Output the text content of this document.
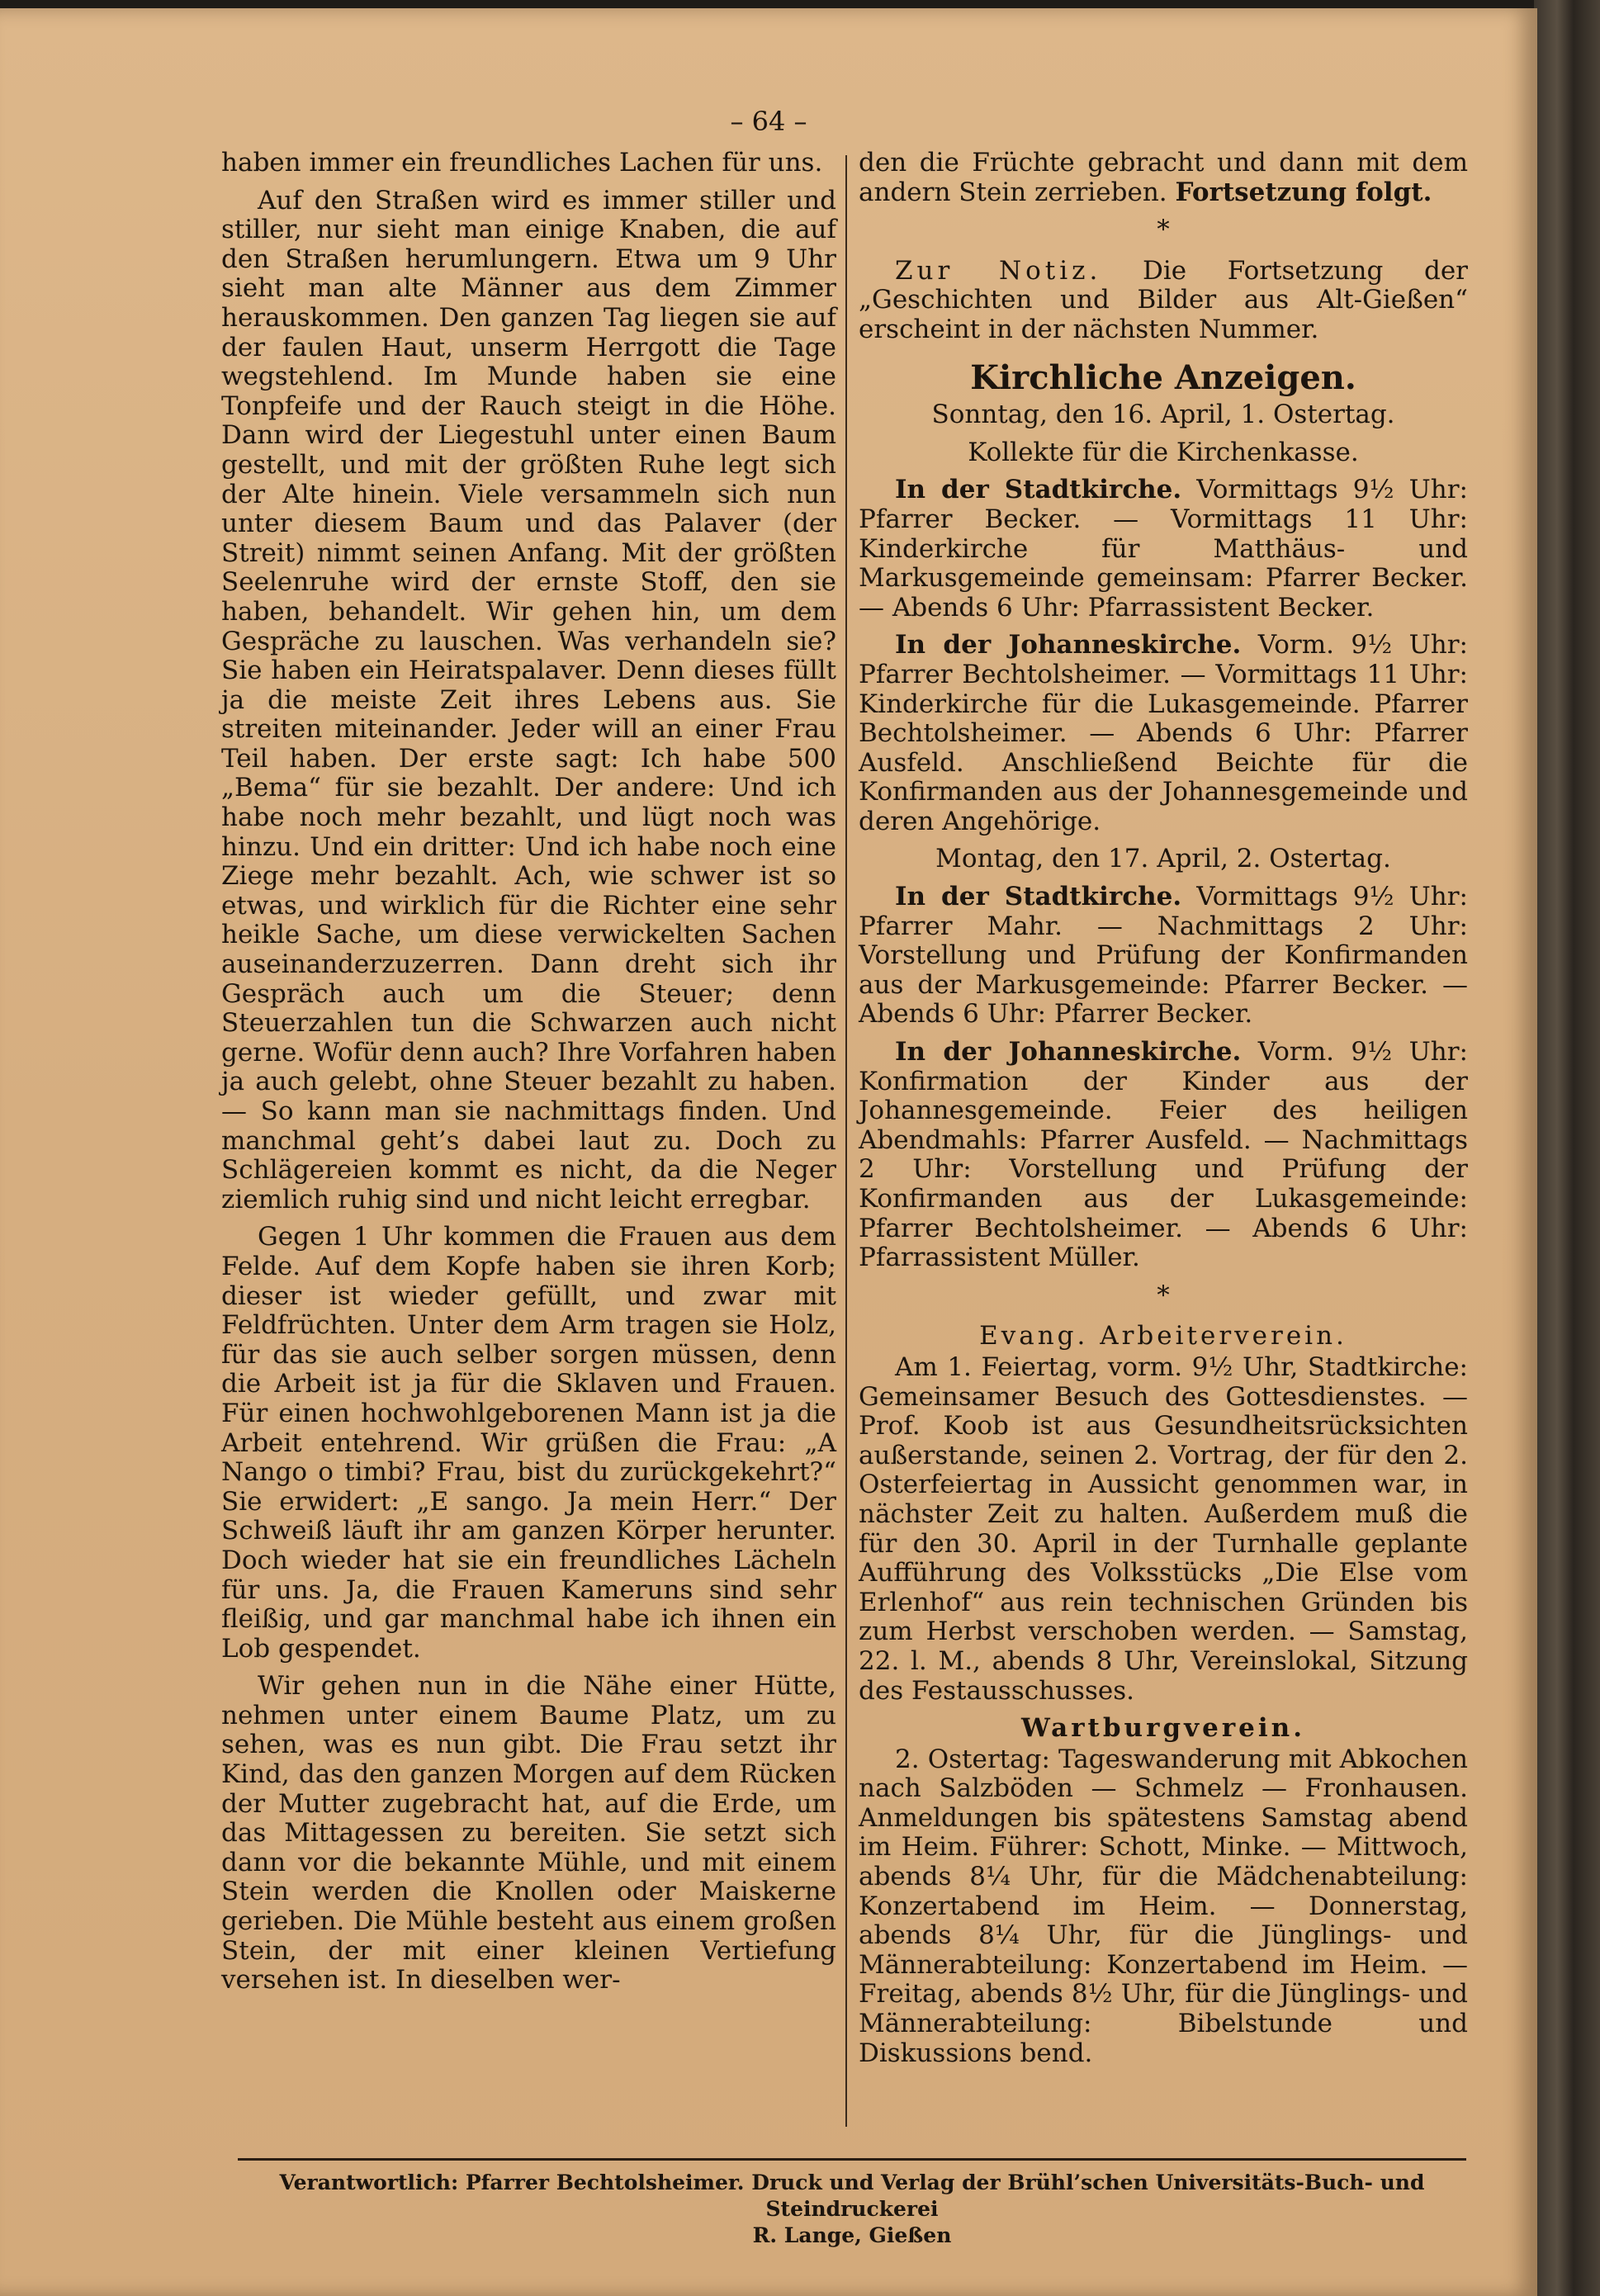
– 64 –

haben immer ein freundliches Lachen für uns.

Auf den Straßen wird es immer stiller und stiller, nur sieht man einige Knaben, die auf den Straßen herumlungern. Etwa um 9 Uhr sieht man alte Männer aus dem Zimmer herauskommen. Den ganzen Tag liegen sie auf der faulen Haut, unserm Herrgott die Tage wegstehlend. Im Munde haben sie eine Tonpfeife und der Rauch steigt in die Höhe. Dann wird der Liegestuhl unter einen Baum gestellt, und mit der größten Ruhe legt sich der Alte hinein. Viele versammeln sich nun unter diesem Baum und das Palaver (der Streit) nimmt seinen Anfang. Mit der größten Seelenruhe wird der ernste Stoff, den sie haben, behandelt. Wir gehen hin, um dem Gespräche zu lauschen. Was verhandeln sie? Sie haben ein Heiratspalaver. Denn dieses füllt ja die meiste Zeit ihres Lebens aus. Sie streiten miteinander. Jeder will an einer Frau Teil haben. Der erste sagt: Ich habe 500 „Bema“ für sie bezahlt. Der andere: Und ich habe noch mehr bezahlt, und lügt noch was hinzu. Und ein dritter: Und ich habe noch eine Ziege mehr bezahlt. Ach, wie schwer ist so etwas, und wirklich für die Richter eine sehr heikle Sache, um diese verwickelten Sachen auseinanderzuzerren. Dann dreht sich ihr Gespräch auch um die Steuer; denn Steuerzahlen tun die Schwarzen auch nicht gerne. Wofür denn auch? Ihre Vorfahren haben ja auch gelebt, ohne Steuer bezahlt zu haben. — So kann man sie nachmittags finden. Und manchmal geht’s dabei laut zu. Doch zu Schlägereien kommt es nicht, da die Neger ziemlich ruhig sind und nicht leicht erregbar.

Gegen 1 Uhr kommen die Frauen aus dem Felde. Auf dem Kopfe haben sie ihren Korb; dieser ist wieder gefüllt, und zwar mit Feldfrüchten. Unter dem Arm tragen sie Holz, für das sie auch selber sorgen müssen, denn die Arbeit ist ja für die Sklaven und Frauen. Für einen hochwohlgeborenen Mann ist ja die Arbeit entehrend. Wir grüßen die Frau: „A Nango o timbi? Frau, bist du zurückgekehrt?“ Sie erwidert: „E sango. Ja mein Herr.“ Der Schweiß läuft ihr am ganzen Körper herunter. Doch wieder hat sie ein freundliches Lächeln für uns. Ja, die Frauen Kameruns sind sehr fleißig, und gar manchmal habe ich ihnen ein Lob gespendet.

Wir gehen nun in die Nähe einer Hütte, nehmen unter einem Baume Platz, um zu sehen, was es nun gibt. Die Frau setzt ihr Kind, das den ganzen Morgen auf dem Rücken der Mutter zugebracht hat, auf die Erde, um das Mittagessen zu bereiten. Sie setzt sich dann vor die bekannte Mühle, und mit einem Stein werden die Knollen oder Maiskerne gerieben. Die Mühle besteht aus einem großen Stein, der mit einer kleinen Vertiefung versehen ist. In dieselben wer-

den die Früchte gebracht und dann mit dem andern Stein zerrieben. Fortsetzung folgt.

*

Zur Notiz. Die Fortsetzung der „Geschichten und Bilder aus Alt-Gießen“ erscheint in der nächsten Nummer.

Kirchliche Anzeigen.

Sonntag, den 16. April, 1. Ostertag.

Kollekte für die Kirchenkasse.

In der Stadtkirche. Vormittags 9½ Uhr: Pfarrer Becker. — Vormittags 11 Uhr: Kinderkirche für Matthäus- und Markusgemeinde gemeinsam: Pfarrer Becker. — Abends 6 Uhr: Pfarrassistent Becker.

In der Johanneskirche. Vorm. 9½ Uhr: Pfarrer Bechtolsheimer. — Vormittags 11 Uhr: Kinderkirche für die Lukasgemeinde. Pfarrer Bechtolsheimer. — Abends 6 Uhr: Pfarrer Ausfeld. Anschließend Beichte für die Konfirmanden aus der Johannesgemeinde und deren Angehörige.

Montag, den 17. April, 2. Ostertag.

In der Stadtkirche. Vormittags 9½ Uhr: Pfarrer Mahr. — Nachmittags 2 Uhr: Vorstellung und Prüfung der Konfirmanden aus der Markusgemeinde: Pfarrer Becker. — Abends 6 Uhr: Pfarrer Becker.

In der Johanneskirche. Vorm. 9½ Uhr: Konfirmation der Kinder aus der Johannesgemeinde. Feier des heiligen Abendmahls: Pfarrer Ausfeld. — Nachmittags 2 Uhr: Vorstellung und Prüfung der Konfirmanden aus der Lukasgemeinde: Pfarrer Bechtolsheimer. — Abends 6 Uhr: Pfarrassistent Müller.

*

Evang. Arbeiterverein.

Am 1. Feiertag, vorm. 9½ Uhr, Stadtkirche: Gemeinsamer Besuch des Gottesdienstes. — Prof. Koob ist aus Gesundheitsrücksichten außerstande, seinen 2. Vortrag, der für den 2. Osterfeiertag in Aussicht genommen war, in nächster Zeit zu halten. Außerdem muß die für den 30. April in der Turnhalle geplante Aufführung des Volksstücks „Die Else vom Erlenhof“ aus rein technischen Gründen bis zum Herbst verschoben werden. — Samstag, 22. l. M., abends 8 Uhr, Vereinslokal, Sitzung des Festausschusses.

Wartburgverein.

2. Ostertag: Tageswanderung mit Abkochen nach Salzböden — Schmelz — Fronhausen. Anmeldungen bis spätestens Samstag abend im Heim. Führer: Schott, Minke. — Mittwoch, abends 8¼ Uhr, für die Mädchenabteilung: Konzertabend im Heim. — Donnerstag, abends 8¼ Uhr, für die Jünglings- und Männerabteilung: Konzertabend im Heim. — Freitag, abends 8½ Uhr, für die Jünglings- und Männerabteilung: Bibelstunde und Diskussions bend.

Verantwortlich: Pfarrer Bechtolsheimer. Druck und Verlag der Brühl’schen Universitäts-Buch- und Steindruckerei
R. Lange, Gießen
